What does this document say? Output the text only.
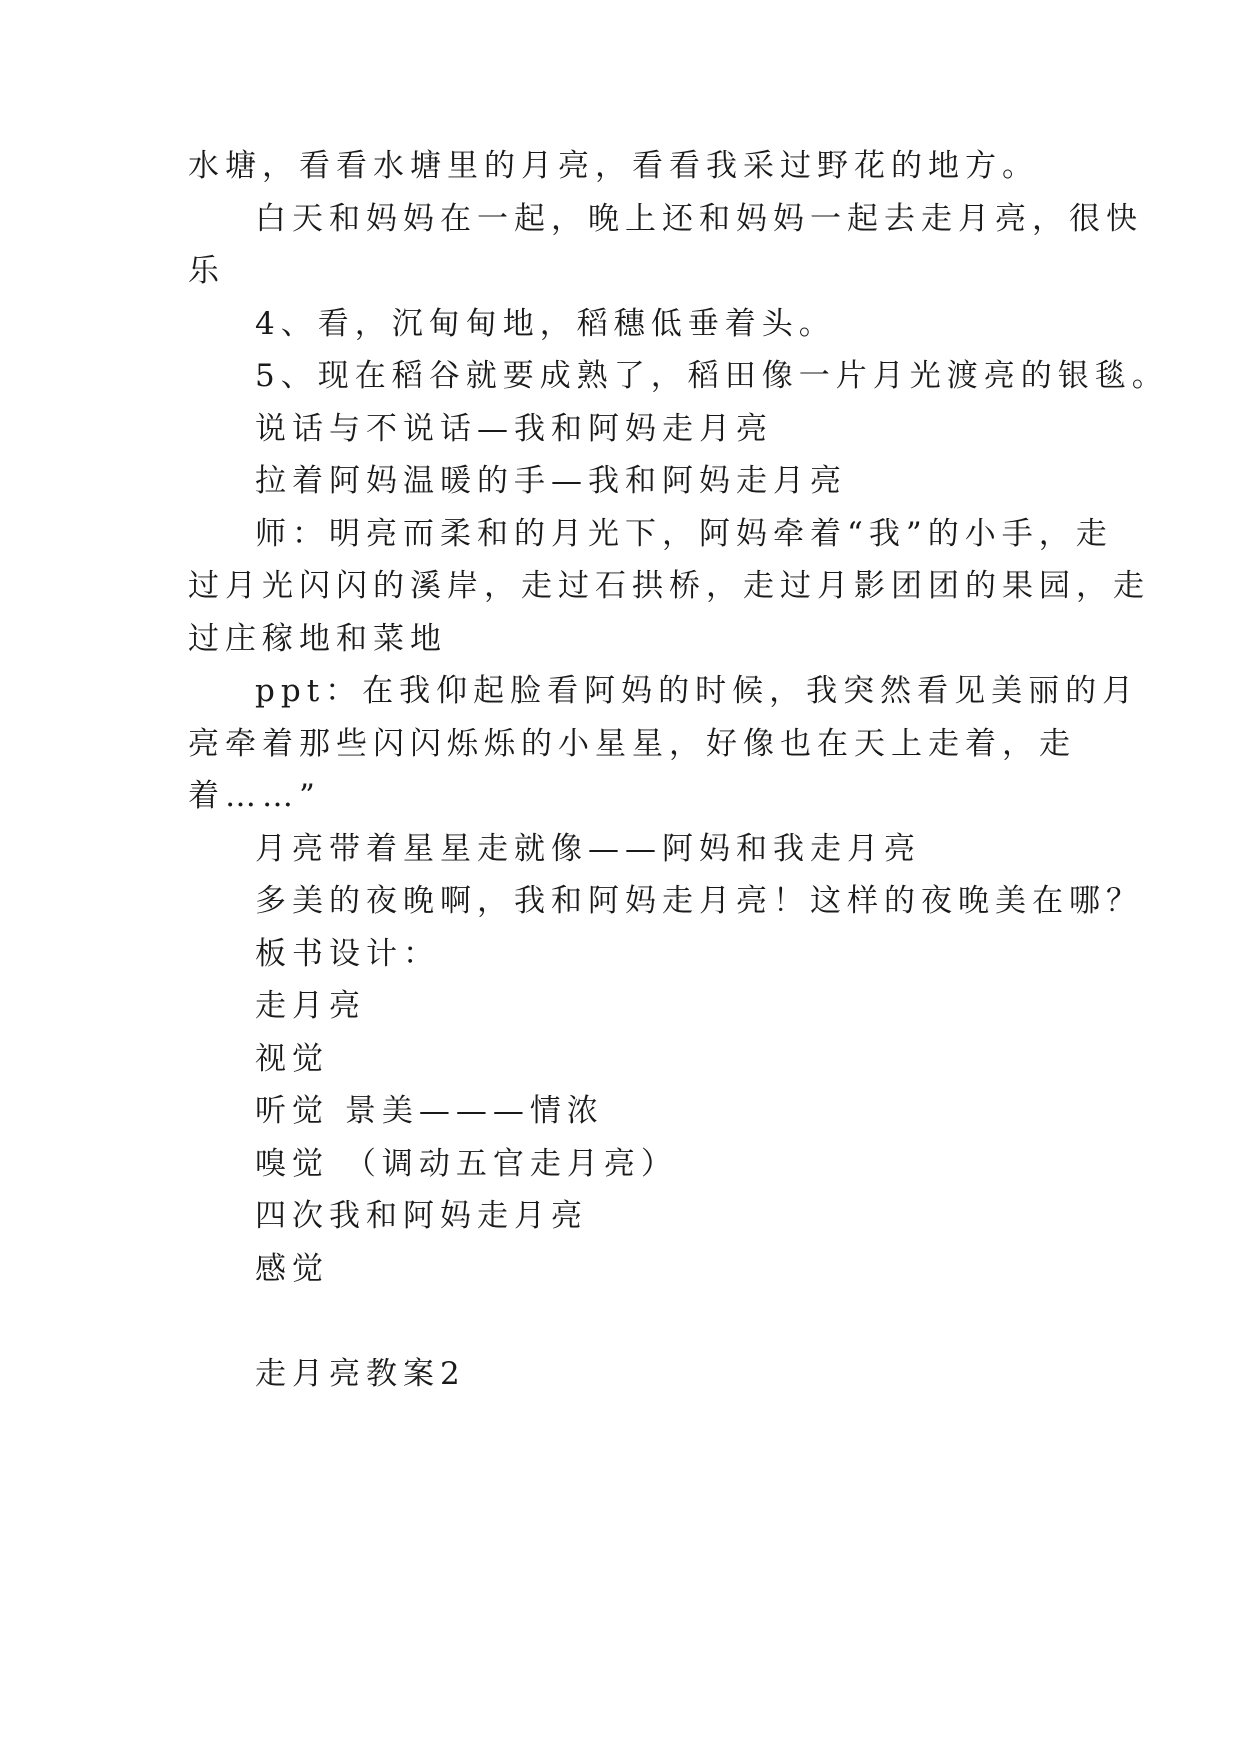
水塘，看看水塘里的月亮，看看我采过野花的地方。
白天和妈妈在一起，晚上还和妈妈一起去走月亮，很快
乐
4、看，沉甸甸地，稻穗低垂着头。
5、现在稻谷就要成熟了，稻田像一片月光渡亮的银毯。
说话与不说话—我和阿妈走月亮
拉着阿妈温暖的手—我和阿妈走月亮
师：明亮而柔和的月光下，阿妈牵着“我”的小手，走
过月光闪闪的溪岸，走过石拱桥，走过月影团团的果园，走
过庄稼地和菜地
ppt：在我仰起脸看阿妈的时候，我突然看见美丽的月
亮牵着那些闪闪烁烁的小星星，好像也在天上走着，走
着……”
月亮带着星星走就像——阿妈和我走月亮
多美的夜晚啊，我和阿妈走月亮！这样的夜晚美在哪？
板书设计：
走月亮
视觉
听觉 景美———情浓
嗅觉 （调动五官走月亮）
四次我和阿妈走月亮
感觉
走月亮教案2
